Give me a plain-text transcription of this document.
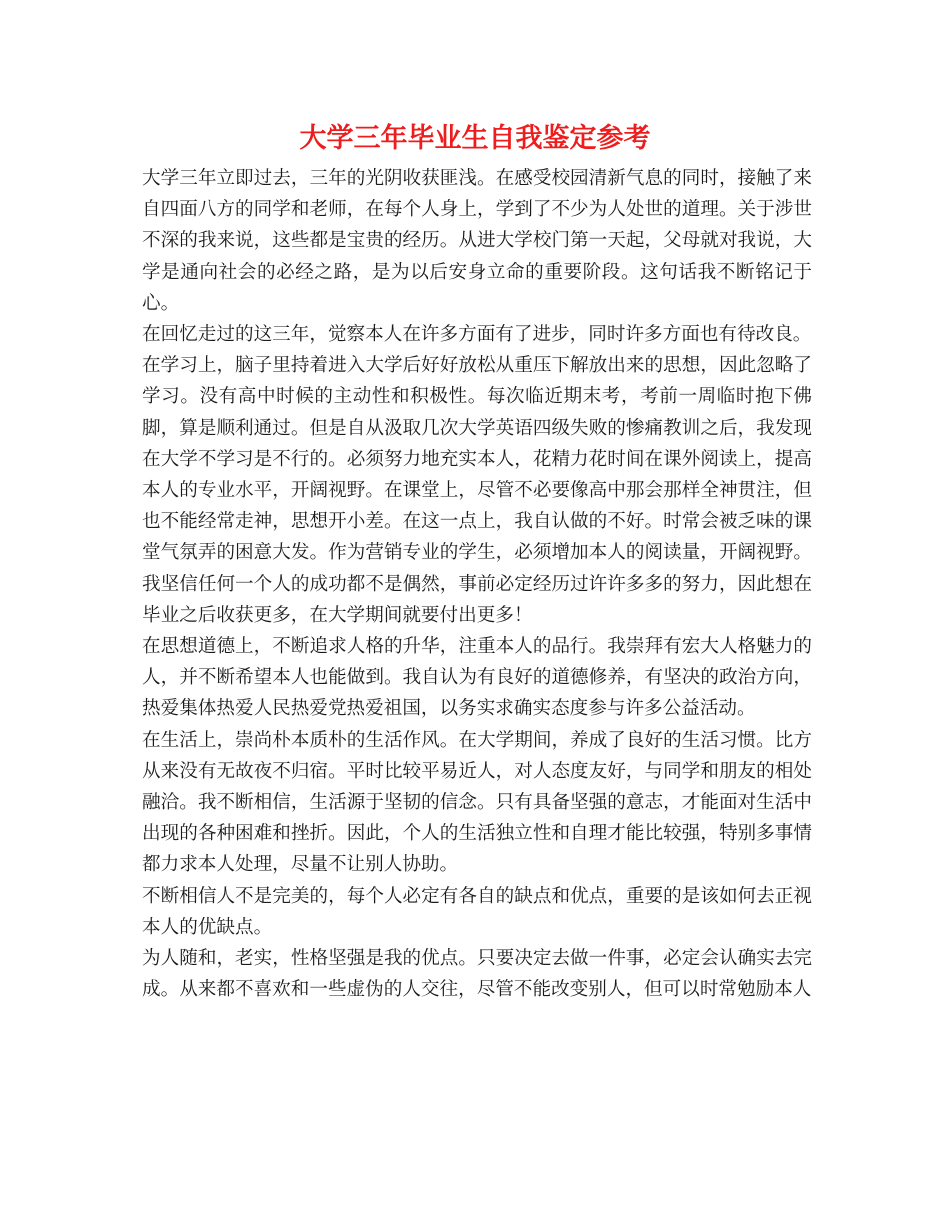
大学三年毕业生自我鉴定参考

大学三年立即过去，三年的光阴收获匪浅。在感受校园清新气息的同时，接触了来自四面八方的同学和老师，在每个人身上，学到了不少为人处世的道理。关于涉世不深的我来说，这些都是宝贵的经历。从进大学校门第一天起，父母就对我说，大学是通向社会的必经之路，是为以后安身立命的重要阶段。这句话我不断铭记于心。

在回忆走过的这三年，觉察本人在许多方面有了进步，同时许多方面也有待改良。

在学习上，脑子里持着进入大学后好好放松从重压下解放出来的思想，因此忽略了学习。没有高中时候的主动性和积极性。每次临近期末考，考前一周临时抱下佛脚，算是顺利通过。但是自从汲取几次大学英语四级失败的惨痛教训之后，我发现在大学不学习是不行的。必须努力地充实本人，花精力花时间在课外阅读上，提高本人的专业水平，开阔视野。在课堂上，尽管不必要像高中那会那样全神贯注，但也不能经常走神，思想开小差。在这一点上，我自认做的不好。时常会被乏味的课堂气氛弄的困意大发。作为营销专业的学生，必须增加本人的阅读量，开阔视野。我坚信任何一个人的成功都不是偶然，事前必定经历过许许多多的努力，因此想在毕业之后收获更多，在大学期间就要付出更多！

在思想道德上，不断追求人格的升华，注重本人的品行。我崇拜有宏大人格魅力的人，并不断希望本人也能做到。我自认为有良好的道德修养，有坚决的政治方向，热爱集体热爱人民热爱党热爱祖国，以务实求确实态度参与许多公益活动。

在生活上，崇尚朴本质朴的生活作风。在大学期间，养成了良好的生活习惯。比方从来没有无故夜不归宿。平时比较平易近人，对人态度友好，与同学和朋友的相处融洽。我不断相信，生活源于坚韧的信念。只有具备坚强的意志，才能面对生活中出现的各种困难和挫折。因此，个人的生活独立性和自理才能比较强，特别多事情都力求本人处理，尽量不让别人协助。

不断相信人不是完美的，每个人必定有各自的缺点和优点，重要的是该如何去正视本人的优缺点。

为人随和，老实，性格坚强是我的优点。只要决定去做一件事，必定会认确实去完成。从来都不喜欢和一些虚伪的人交往，尽管不能改变别人，但可以时常勉励本人
